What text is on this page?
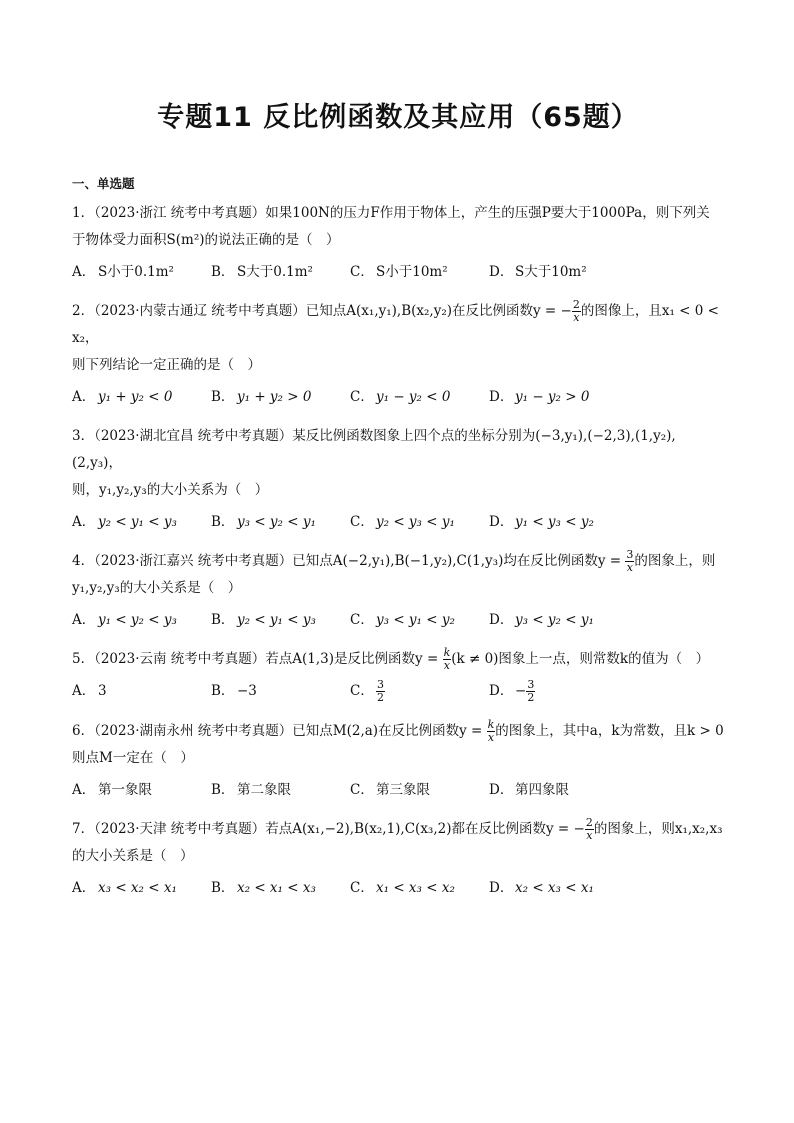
专题11 反比例函数及其应用（65题）
一、单选题
1．（2023·浙江 统考中考真题）如果100N的压力F作用于物体上，产生的压强P要大于1000Pa，则下列关
于物体受力面积S(m²)的说法正确的是（　）
A． S小于0.1m²	B． S大于0.1m²	C． S小于10m²	D． S大于10m²
2．（2023·内蒙古通辽 统考中考真题）已知点A(x₁,y₁),B(x₂,y₂)在反比例函数y = − $\frac{2}{x}$ 的图像上，且x₁ < 0 < x₂，
则下列结论一定正确的是（　）
A． y₁ + y₂ < 0	B． y₁ + y₂ > 0	C． y₁ − y₂ < 0	D． y₁ − y₂ > 0
3．（2023·湖北宜昌 统考中考真题）某反比例函数图象上四个点的坐标分别为(−3,y₁),(−2,3),(1,y₂),(2,y₃)，
则，y₁,y₂,y₃的大小关系为（　）
A． y₂ < y₁ < y₃	B． y₃ < y₂ < y₁	C． y₂ < y₃ < y₁	D． y₁ < y₃ < y₂
4．（2023·浙江嘉兴 统考中考真题）已知点A(−2,y₁),B(−1,y₂),C(1,y₃)均在反比例函数$y = \frac{3}{x}$ 的图象上，则
y₁,y₂,y₃的大小关系是（　）
A． y₁ < y₂ < y₃	B． y₂ < y₁ < y₃	C． y₃ < y₁ < y₂	D． y₃ < y₂ < y₁
5．（2023·云南 统考中考真题）若点A(1,3)是反比例函数$y = \frac{k}{x} (k \ne 0)$图象上一点，则常数k的值为（　）
A． 3	B． −3	C． $\frac{3}{2}$	D． − $\frac{3}{2}$
6．（2023·湖南永州 统考中考真题）已知点M(2,a)在反比例函数$y = \frac{k}{x}$ 的图象上，其中a，k为常数，且k > 0
则点M一定在（　）
A． 第一象限	B． 第二象限	C． 第三象限	D． 第四象限
7．（2023·天津 统考中考真题）若点A(x₁,−2),B(x₂,1),C(x₃,2)都在反比例函数y = − $\frac{2}{x}$ 的图象上，则x₁,x₂,x₃
的大小关系是（　）
A． x₃ < x₂ < x₁	B． x₂ < x₁ < x₃	C． x₁ < x₃ < x₂	D． x₂ < x₃ < x₁
